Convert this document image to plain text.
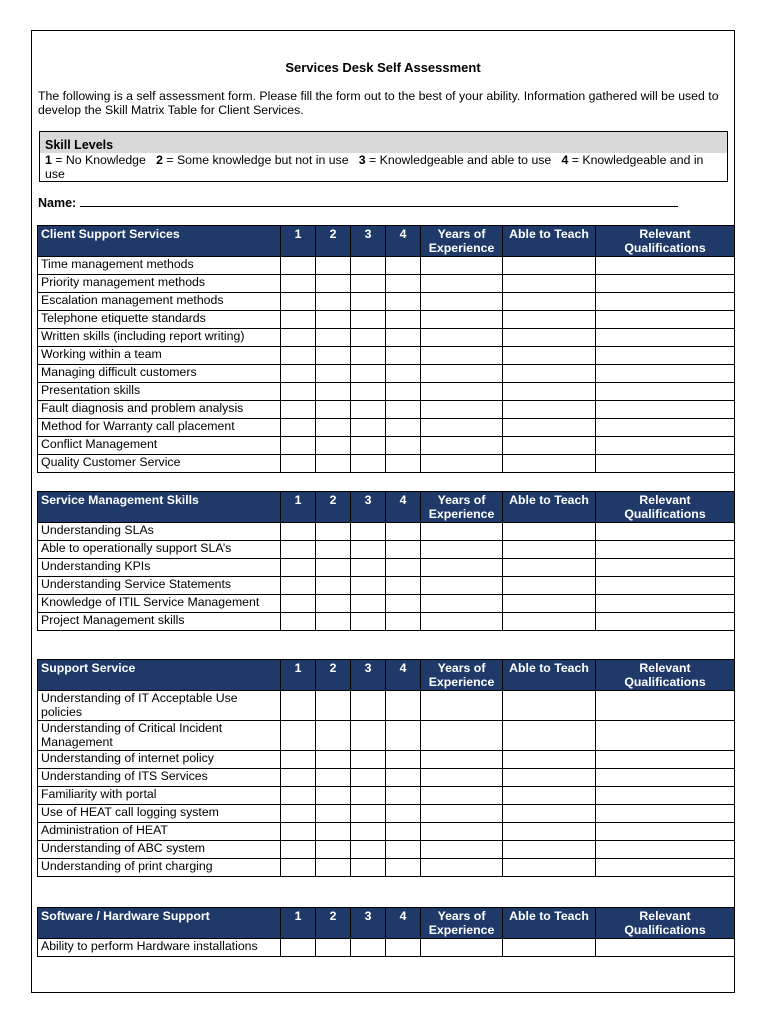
Services Desk Self Assessment
The following is a self assessment form. Please fill the form out to the best of your ability. Information gathered will be used to develop the Skill Matrix Table for Client Services.
Skill Levels
1 = No Knowledge   2 = Some knowledge but not in use   3 = Knowledgeable and able to use   4 = Knowledgeable and in use
Name:
Client Support Services	1	2	3	4	Years of Experience	Able to Teach	Relevant Qualifications
Time management methods							
Priority management methods							
Escalation management methods							
Telephone etiquette standards							
Written skills (including report writing)							
Working within a team							
Managing difficult customers							
Presentation skills							
Fault diagnosis and problem analysis							
Method for Warranty call placement							
Conflict Management							
Quality Customer Service							
Service Management Skills	1	2	3	4	Years of Experience	Able to Teach	Relevant Qualifications
Understanding SLAs							
Able to operationally support SLA’s							
Understanding KPIs							
Understanding Service Statements							
Knowledge of ITIL Service Management							
Project Management skills							
Support Service	1	2	3	4	Years of Experience	Able to Teach	Relevant Qualifications
Understanding of IT Acceptable Use policies							
Understanding of Critical Incident Management							
Understanding of internet policy							
Understanding of ITS Services							
Familiarity with portal							
Use of HEAT call logging system							
Administration of HEAT							
Understanding of ABC system							
Understanding of print charging							
Software / Hardware Support	1	2	3	4	Years of Experience	Able to Teach	Relevant Qualifications
Ability to perform Hardware installations							
